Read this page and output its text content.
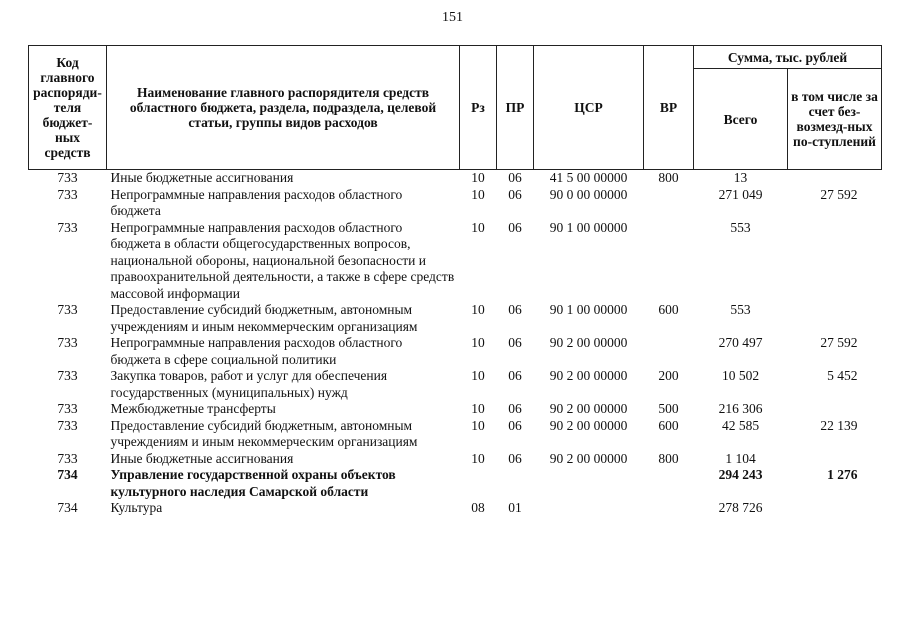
151
Код главного распоряди-теля бюджет-ных средств	Наименование главного распорядителя средств областного бюджета, раздела, подраздела, целевой статьи, группы видов расходов	Рз	ПР	ЦСР	ВР	Сумма, тыс. рублей	
						Всего	в том числе за счет без-возмезд-ных по-ступлений
733	Иные бюджетные ассигнования	10	06	41 5 00 00000	800	13	
733	Непрограммные направления расходов областного бюджета	10	06	90 0 00 00000		271 049	27 592
733	Непрограммные направления расходов областного бюджета в области общегосударственных вопросов, национальной обороны, национальной безопасности и правоохранительной деятельности, а также в сфере средств массовой информации	10	06	90 1 00 00000		553	
733	Предоставление субсидий бюджетным, автономным учреждениям и иным некоммерческим организациям	10	06	90 1 00 00000	600	553	
733	Непрограммные направления расходов областного бюджета в сфере социальной политики	10	06	90 2 00 00000		270 497	27 592
733	Закупка товаров, работ и услуг для обеспечения государственных (муниципальных) нужд	10	06	90 2 00 00000	200	10 502	5 452
733	Межбюджетные трансферты	10	06	90 2 00 00000	500	216 306	
733	Предоставление субсидий бюджетным, автономным учреждениям и иным некоммерческим организациям	10	06	90 2 00 00000	600	42 585	22 139
733	Иные бюджетные ассигнования	10	06	90 2 00 00000	800	1 104	
734	Управление государственной охраны объектов культурного наследия Самарской области					294 243	1 276
734	Культура	08	01			278 726	
